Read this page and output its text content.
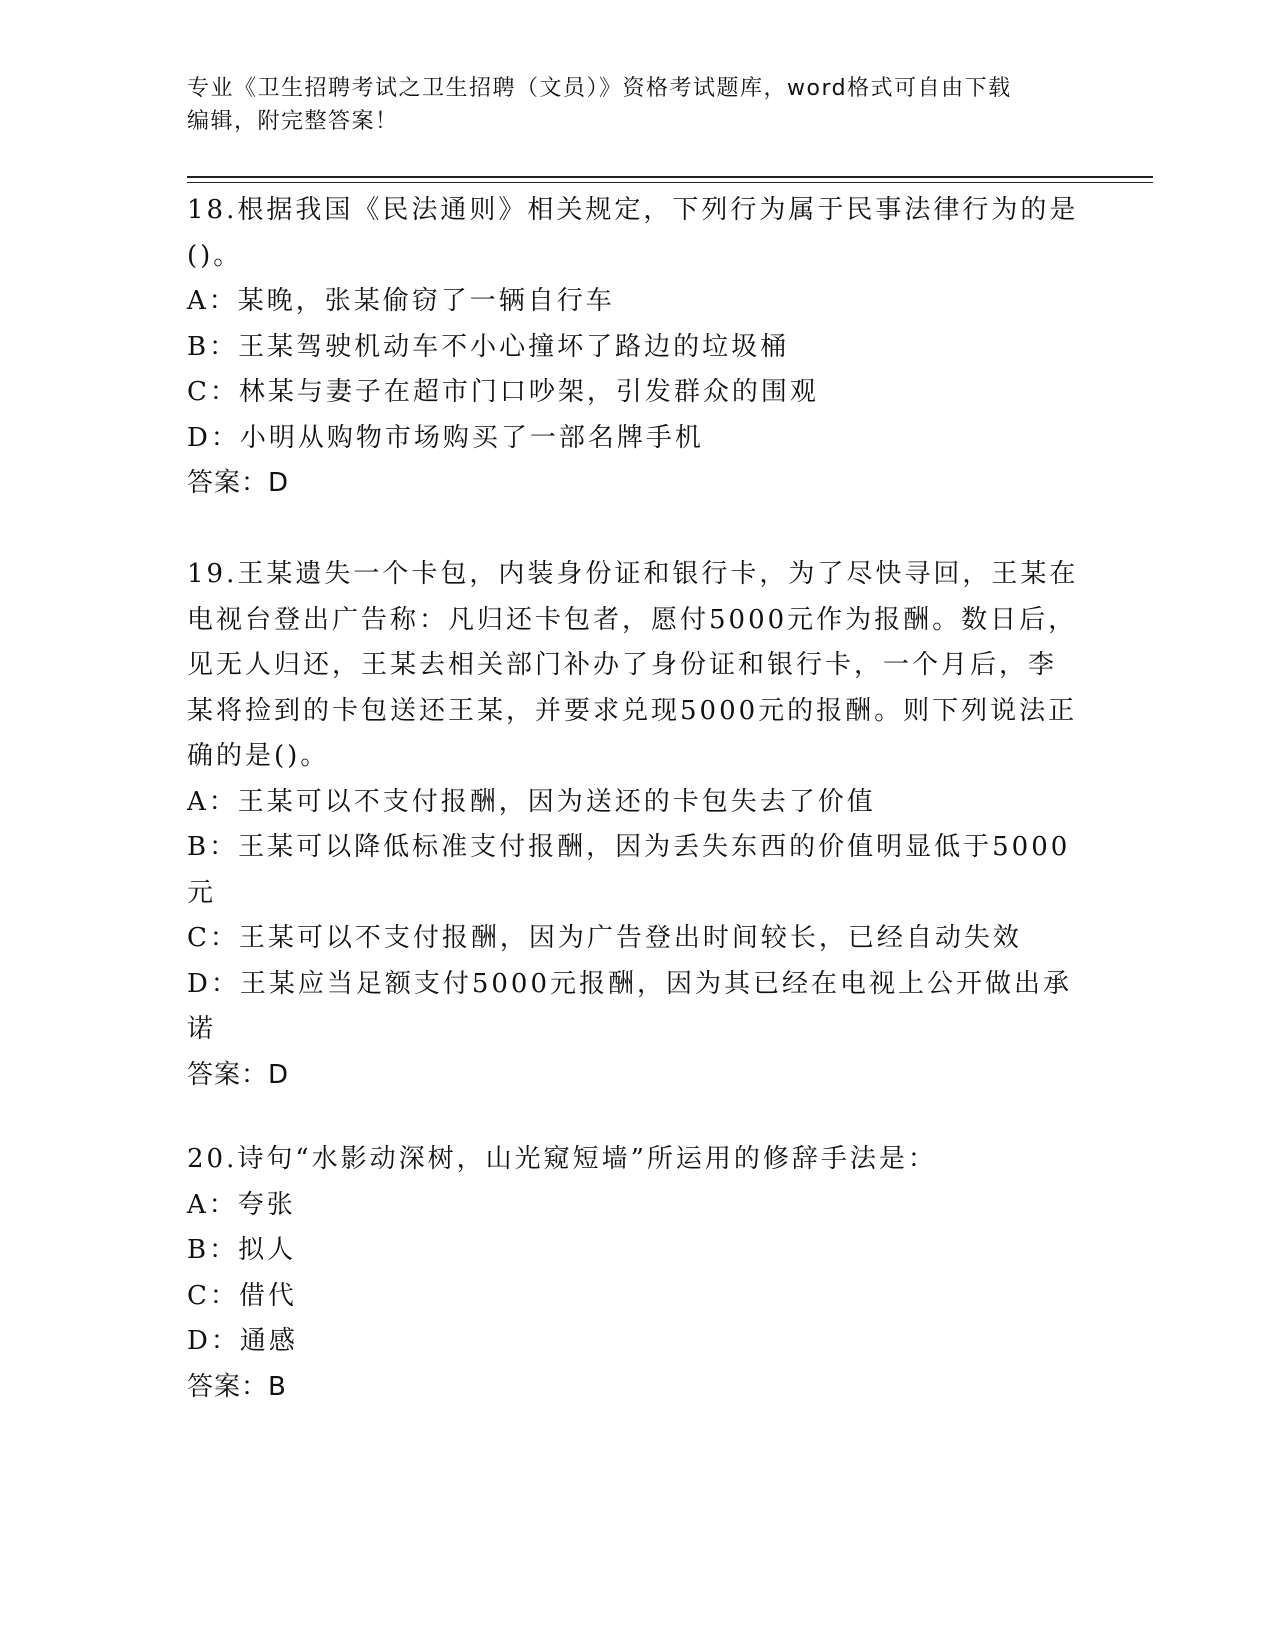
专业《卫生招聘考试之卫生招聘（文员）》资格考试题库，word格式可自由下载
编辑，附完整答案！
18.根据我国《民法通则》相关规定，下列行为属于民事法律行为的是
()。
A：某晚，张某偷窃了一辆自行车
B：王某驾驶机动车不小心撞坏了路边的垃圾桶
C：林某与妻子在超市门口吵架，引发群众的围观
D：小明从购物市场购买了一部名牌手机
答案：D
19.王某遗失一个卡包，内装身份证和银行卡，为了尽快寻回，王某在
电视台登出广告称：凡归还卡包者，愿付5000元作为报酬。数日后，
见无人归还，王某去相关部门补办了身份证和银行卡，一个月后，李
某将捡到的卡包送还王某，并要求兑现5000元的报酬。则下列说法正
确的是()。
A：王某可以不支付报酬，因为送还的卡包失去了价值
B：王某可以降低标准支付报酬，因为丢失东西的价值明显低于5000
元
C：王某可以不支付报酬，因为广告登出时间较长，已经自动失效
D：王某应当足额支付5000元报酬，因为其已经在电视上公开做出承
诺
答案：D
20.诗句“水影动深树，山光窥短墙”所运用的修辞手法是：
A：夸张
B：拟人
C：借代
D：通感
答案：B
